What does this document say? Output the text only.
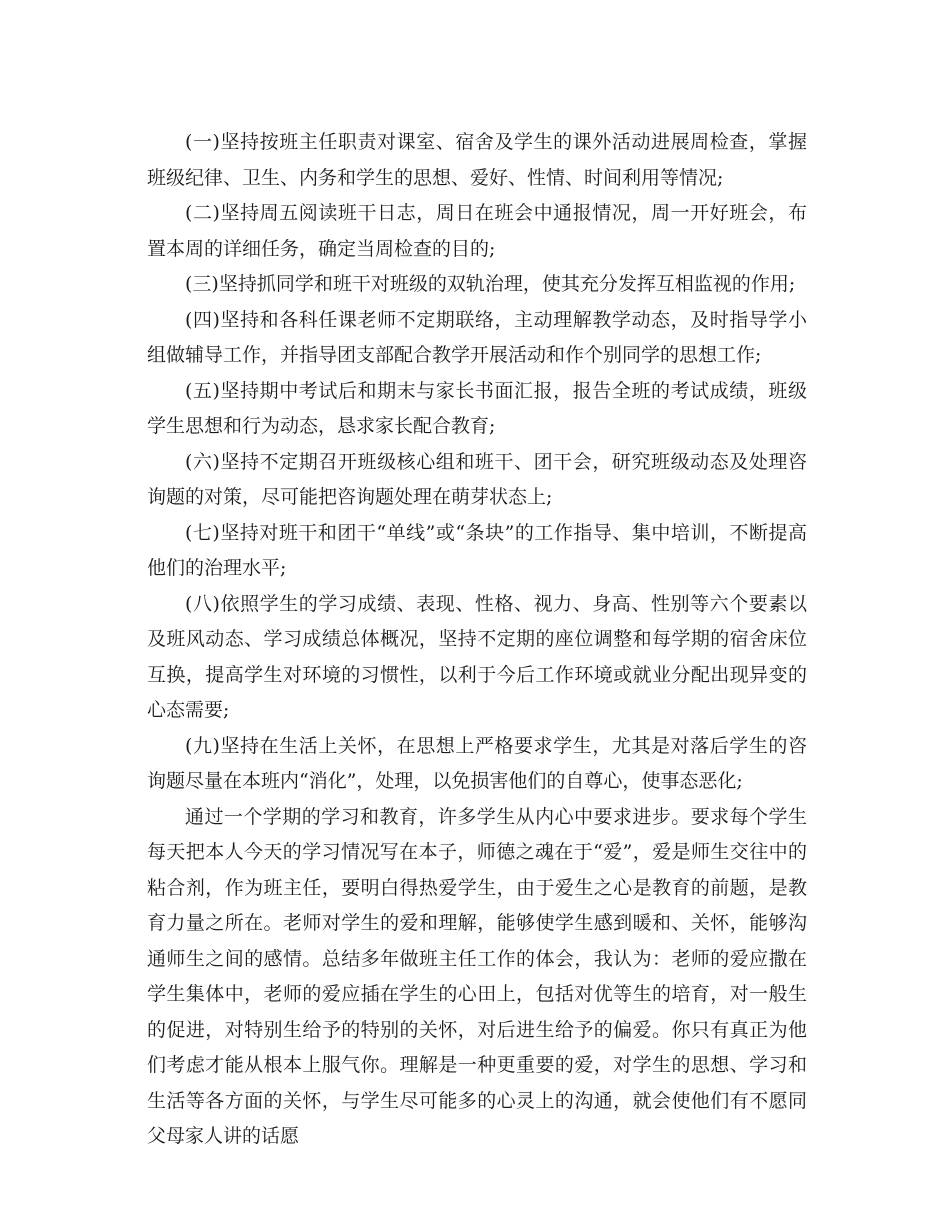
(一)坚持按班主任职责对课室、宿舍及学生的课外活动进展周检查，掌握班级纪律、卫生、内务和学生的思想、爱好、性情、时间利用等情况;

(二)坚持周五阅读班干日志，周日在班会中通报情况，周一开好班会，布置本周的详细任务，确定当周检查的目的;

(三)坚持抓同学和班干对班级的双轨治理，使其充分发挥互相监视的作用;

(四)坚持和各科任课老师不定期联络，主动理解教学动态，及时指导学小组做辅导工作，并指导团支部配合教学开展活动和作个别同学的思想工作;

(五)坚持期中考试后和期末与家长书面汇报，报告全班的考试成绩，班级学生思想和行为动态，恳求家长配合教育;

(六)坚持不定期召开班级核心组和班干、团干会，研究班级动态及处理咨询题的对策，尽可能把咨询题处理在萌芽状态上;

(七)坚持对班干和团干“单线”或“条块”的工作指导、集中培训，不断提高他们的治理水平;

(八)依照学生的学习成绩、表现、性格、视力、身高、性别等六个要素以及班风动态、学习成绩总体概况，坚持不定期的座位调整和每学期的宿舍床位互换，提高学生对环境的习惯性，以利于今后工作环境或就业分配出现异变的心态需要;

(九)坚持在生活上关怀，在思想上严格要求学生，尤其是对落后学生的咨询题尽量在本班内“消化”，处理，以免损害他们的自尊心，使事态恶化;

通过一个学期的学习和教育，许多学生从内心中要求进步。要求每个学生每天把本人今天的学习情况写在本子，师德之魂在于“爱”，爱是师生交往中的粘合剂，作为班主任，要明白得热爱学生，由于爱生之心是教育的前题，是教育力量之所在。老师对学生的爱和理解，能够使学生感到暖和、关怀，能够沟通师生之间的感情。总结多年做班主任工作的体会，我认为：老师的爱应撒在学生集体中，老师的爱应插在学生的心田上，包括对优等生的培育，对一般生的促进，对特别生给予的特别的关怀，对后进生给予的偏爱。你只有真正为他们考虑才能从根本上服气你。理解是一种更重要的爱，对学生的思想、学习和生活等各方面的关怀，与学生尽可能多的心灵上的沟通，就会使他们有不愿同父母家人讲的话愿
